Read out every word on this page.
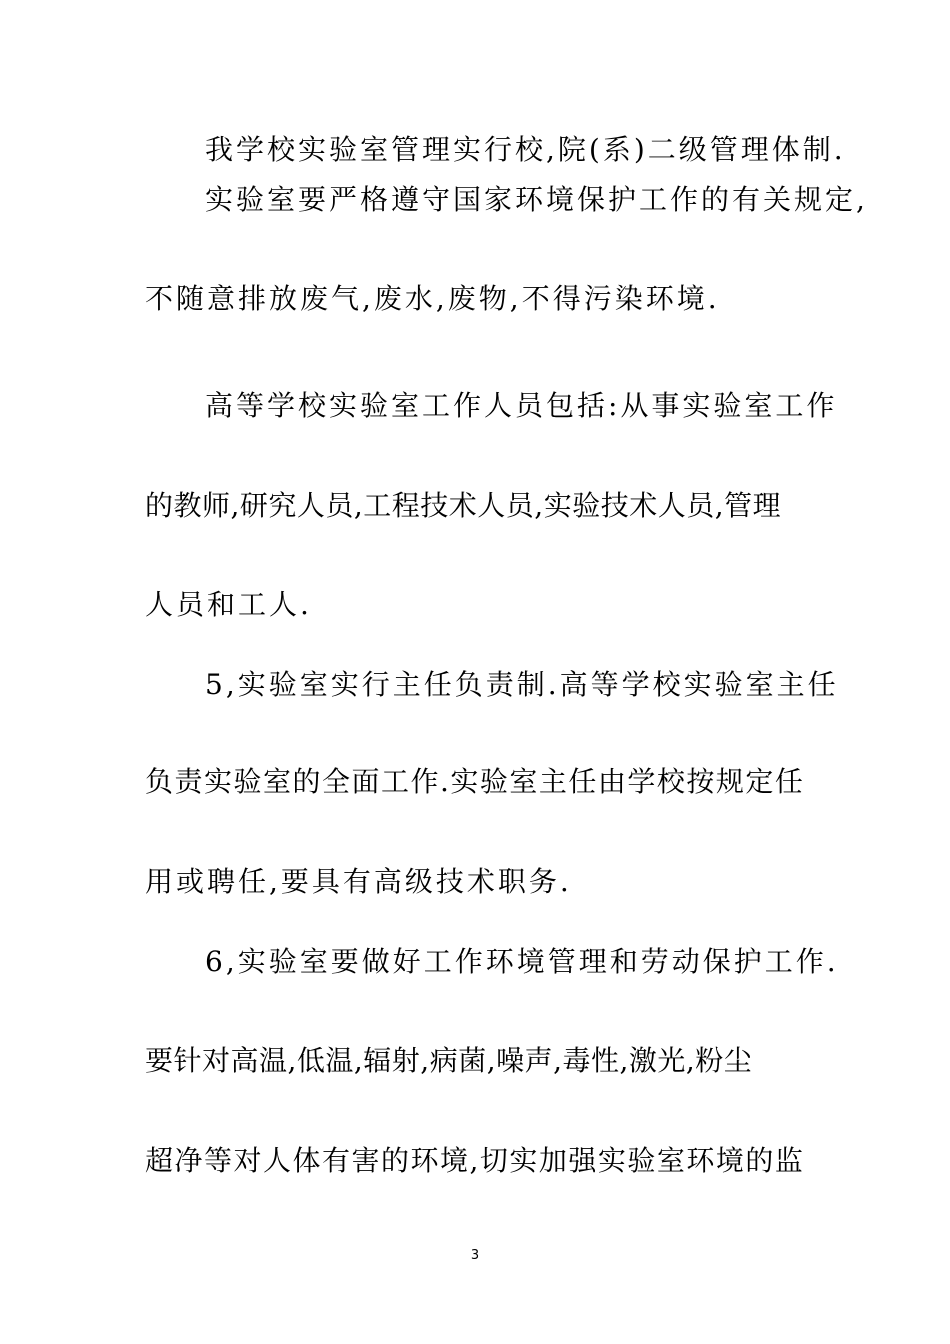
我学校实验室管理实行校,院(系)二级管理体制.
实验室要严格遵守国家环境保护工作的有关规定,
不随意排放废气,废水,废物,不得污染环境.
高等学校实验室工作人员包括:从事实验室工作
的教师,研究人员,工程技术人员,实验技术人员,管理
人员和工人.
5,实验室实行主任负责制.高等学校实验室主任
负责实验室的全面工作.实验室主任由学校按规定任
用或聘任,要具有高级技术职务.
6,实验室要做好工作环境管理和劳动保护工作.
要针对高温,低温,辐射,病菌,噪声,毒性,激光,粉尘
超净等对人体有害的环境,切实加强实验室环境的监
3
